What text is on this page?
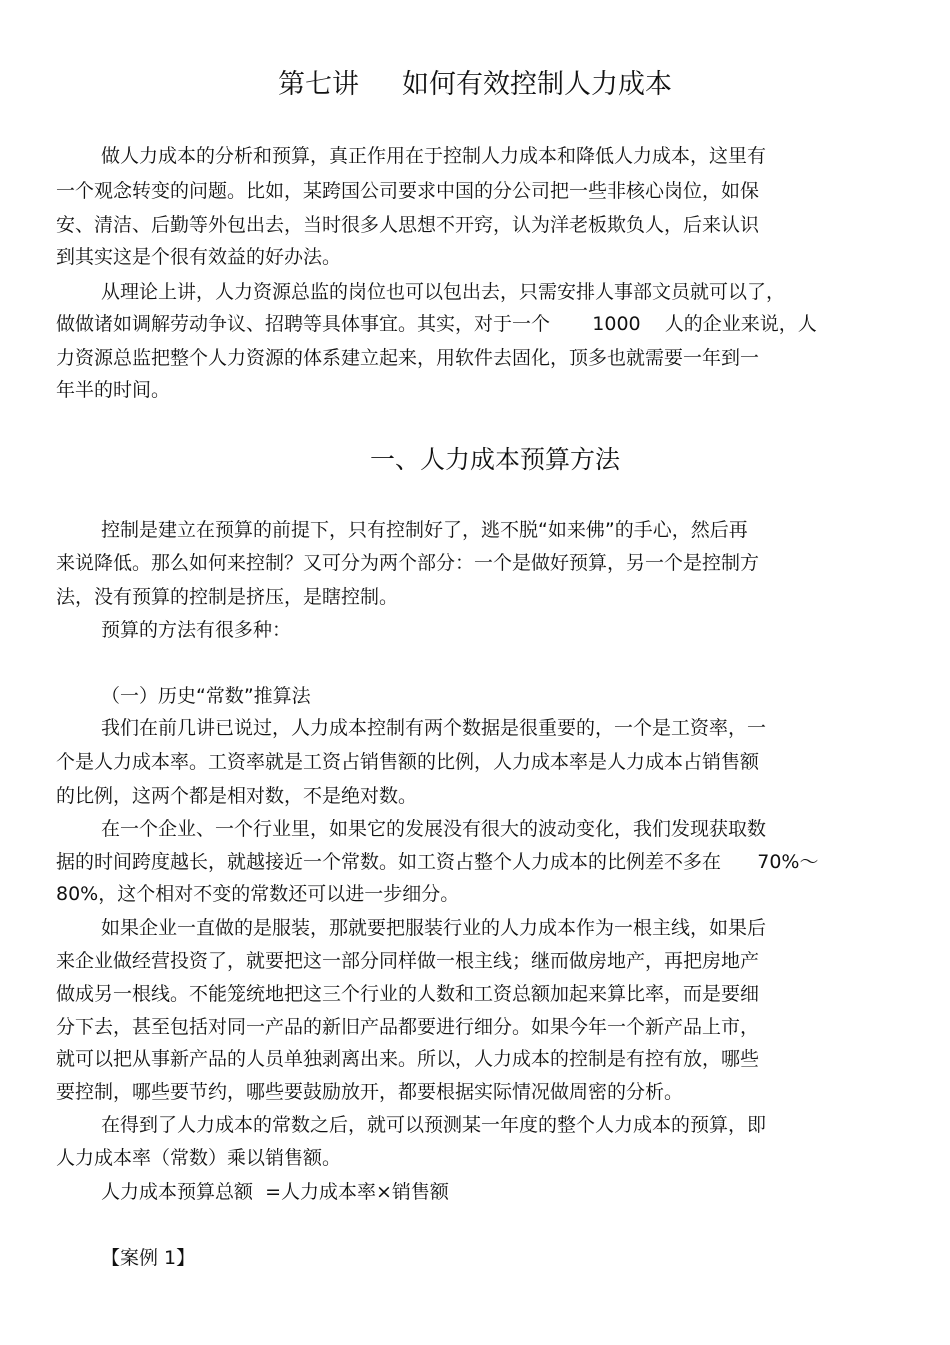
第七讲     如何有效控制人力成本
做人力成本的分析和预算，真正作用在于控制人力成本和降低人力成本，这里有
一个观念转变的问题。比如，某跨国公司要求中国的分公司把一些非核心岗位，如保
安、清洁、后勤等外包出去，当时很多人思想不开窍，认为洋老板欺负人，后来认识
到其实这是个很有效益的好办法。
从理论上讲，人力资源总监的岗位也可以包出去，只需安排人事部文员就可以了，
做做诸如调解劳动争议、招聘等具体事宜。其实，对于一个       1000    人的企业来说，人
力资源总监把整个人力资源的体系建立起来，用软件去固化，顶多也就需要一年到一
年半的时间。
一、人力成本预算方法
控制是建立在预算的前提下，只有控制好了，逃不脱“如来佛”的手心，然后再
来说降低。那么如何来控制？又可分为两个部分：一个是做好预算，另一个是控制方
法，没有预算的控制是挤压，是瞎控制。
预算的方法有很多种：
（一）历史“常数”推算法
我们在前几讲已说过，人力成本控制有两个数据是很重要的，一个是工资率，一
个是人力成本率。工资率就是工资占销售额的比例，人力成本率是人力成本占销售额
的比例，这两个都是相对数，不是绝对数。
在一个企业、一个行业里，如果它的发展没有很大的波动变化，我们发现获取数
据的时间跨度越长，就越接近一个常数。如工资占整个人力成本的比例差不多在      70%～
80%，这个相对不变的常数还可以进一步细分。
如果企业一直做的是服装，那就要把服装行业的人力成本作为一根主线，如果后
来企业做经营投资了，就要把这一部分同样做一根主线；继而做房地产，再把房地产
做成另一根线。不能笼统地把这三个行业的人数和工资总额加起来算比率，而是要细
分下去，甚至包括对同一产品的新旧产品都要进行细分。如果今年一个新产品上市，
就可以把从事新产品的人员单独剥离出来。所以，人力成本的控制是有控有放，哪些
要控制，哪些要节约，哪些要鼓励放开，都要根据实际情况做周密的分析。
在得到了人力成本的常数之后，就可以预测某一年度的整个人力成本的预算，即
人力成本率（常数）乘以销售额。
人力成本预算总额  =人力成本率×销售额
【案例 1】
